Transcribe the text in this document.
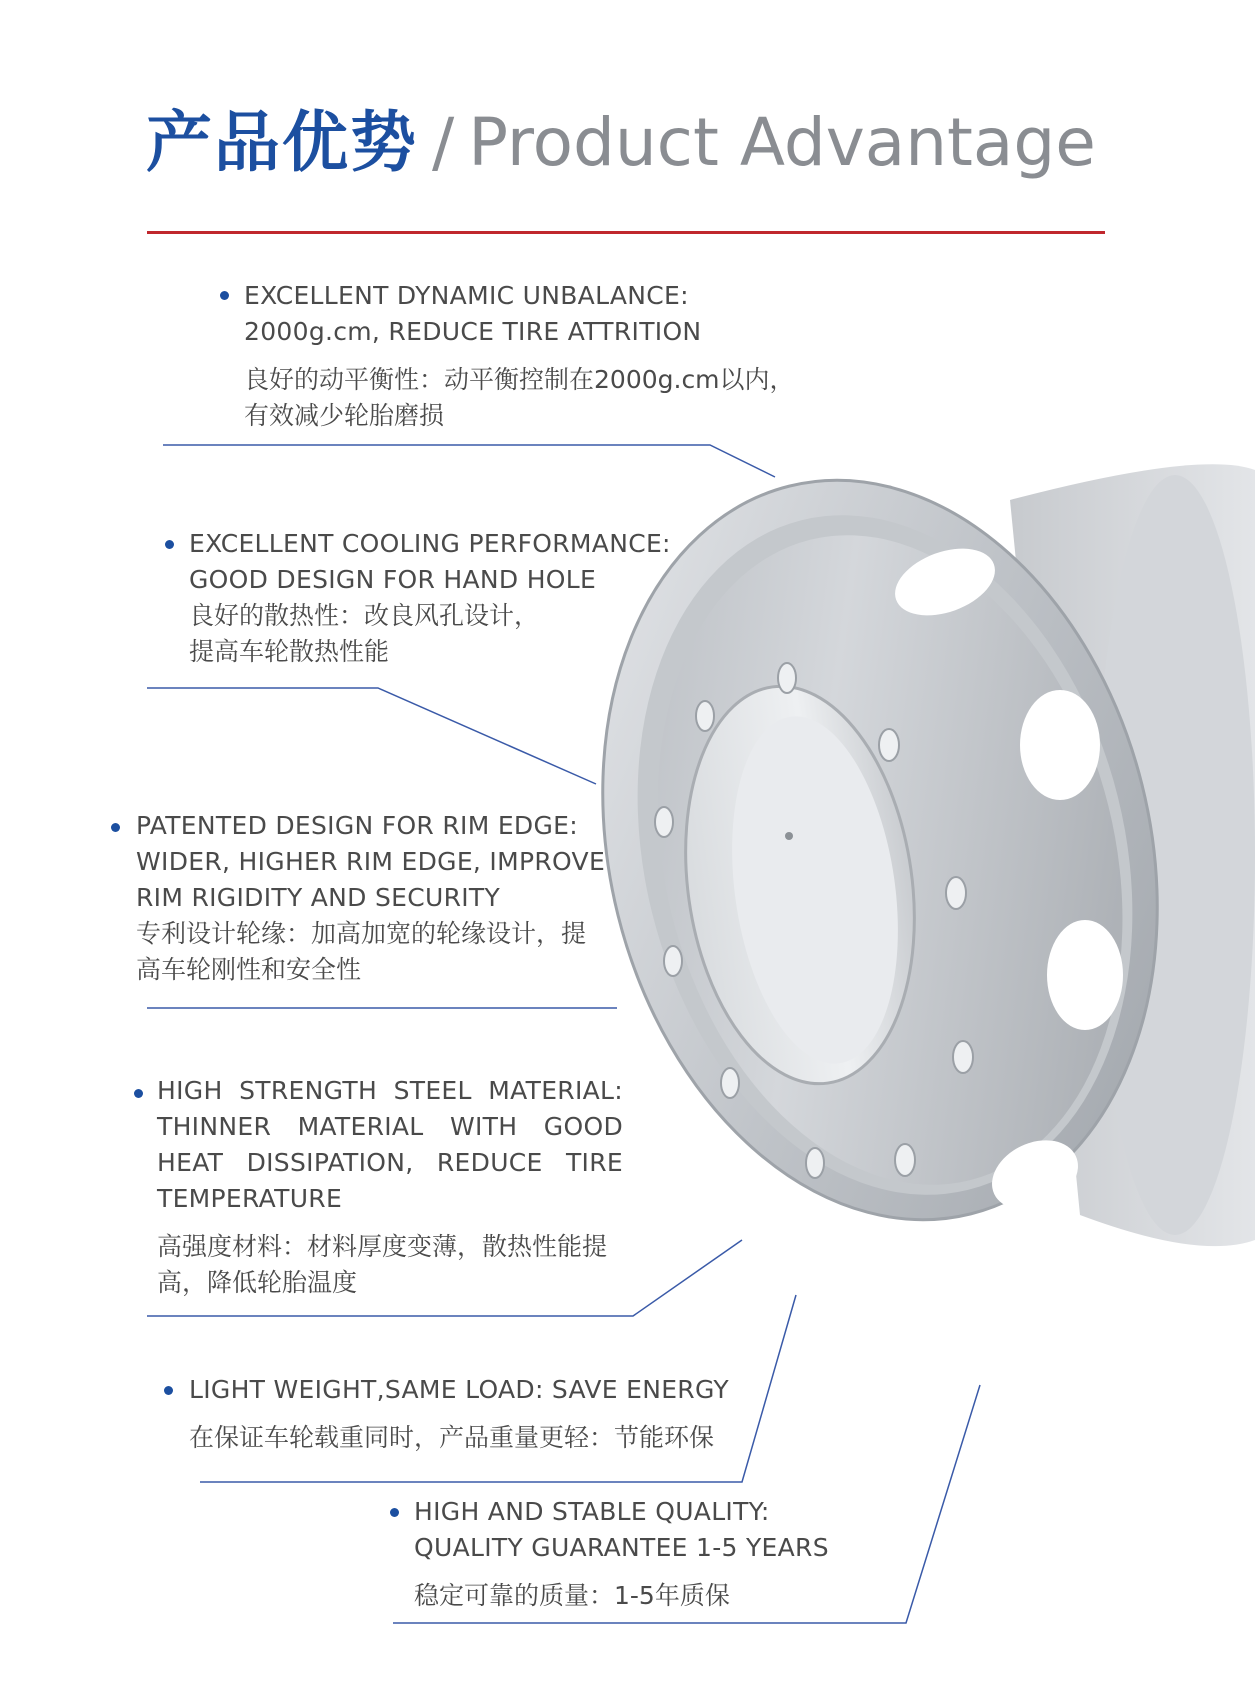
产品优势 / Product Advantage
EXCELLENT DYNAMIC UNBALANCE:
2000g.cm, REDUCE TIRE ATTRITION
良好的动平衡性：动平衡控制在2000g.cm以内，
有效减少轮胎磨损
EXCELLENT COOLING PERFORMANCE:
GOOD DESIGN FOR HAND HOLE
良好的散热性：改良风孔设计，
提高车轮散热性能
PATENTED DESIGN FOR RIM EDGE:
WIDER, HIGHER RIM EDGE, IMPROVE
RIM RIGIDITY AND SECURITY
专利设计轮缘：加高加宽的轮缘设计，提
高车轮刚性和安全性
HIGH STRENGTH STEEL MATERIAL:
THINNER MATERIAL WITH GOOD
HEAT DISSIPATION, REDUCE TIRE
TEMPERATURE
高强度材料：材料厚度变薄，散热性能提
高，降低轮胎温度
LIGHT WEIGHT,SAME LOAD: SAVE ENERGY
在保证车轮载重同时，产品重量更轻：节能环保
HIGH AND STABLE QUALITY:
QUALITY GUARANTEE 1-5 YEARS
稳定可靠的质量：1-5年质保
